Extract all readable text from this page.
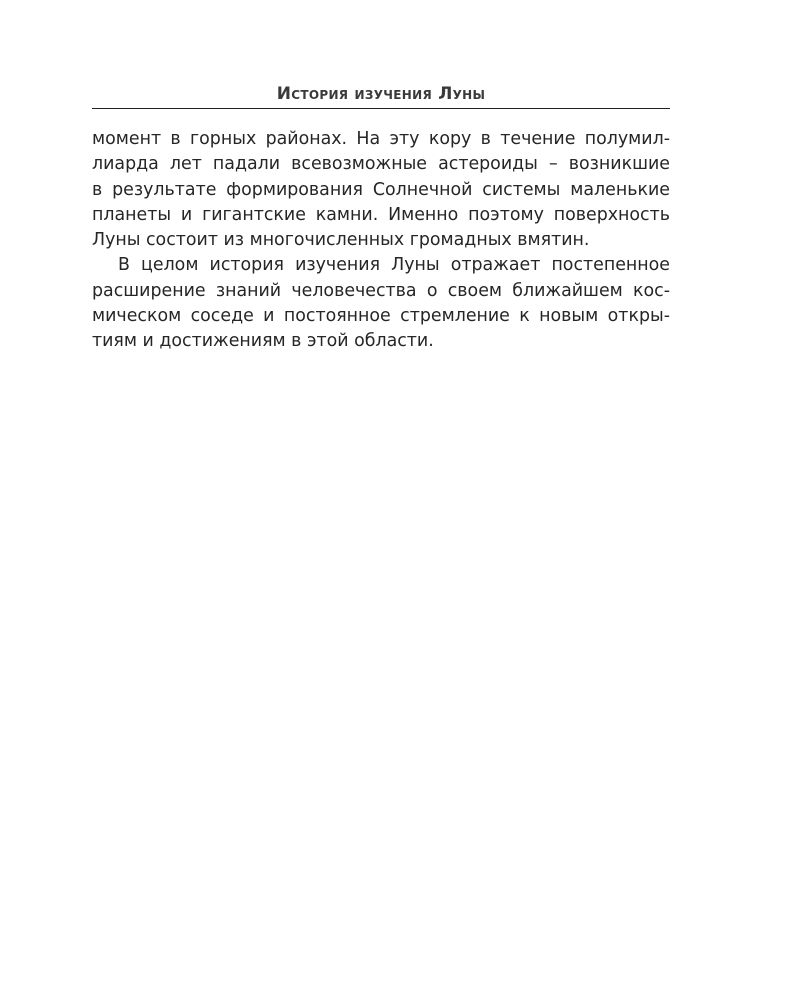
История изучения Луны

момент в горных районах. На эту кору в течение полумил-
лиарда лет падали всевозможные астероиды – возникшие
в результате формирования Солнечной системы маленькие
планеты и гигантские камни. Именно поэтому поверхность
Луны состоит из многочисленных громадных вмятин.

В целом история изучения Луны отражает постепенное
расширение знаний человечества о своем ближайшем кос-
мическом соседе и постоянное стремление к новым откры-
тиям и достижениям в этой области.
